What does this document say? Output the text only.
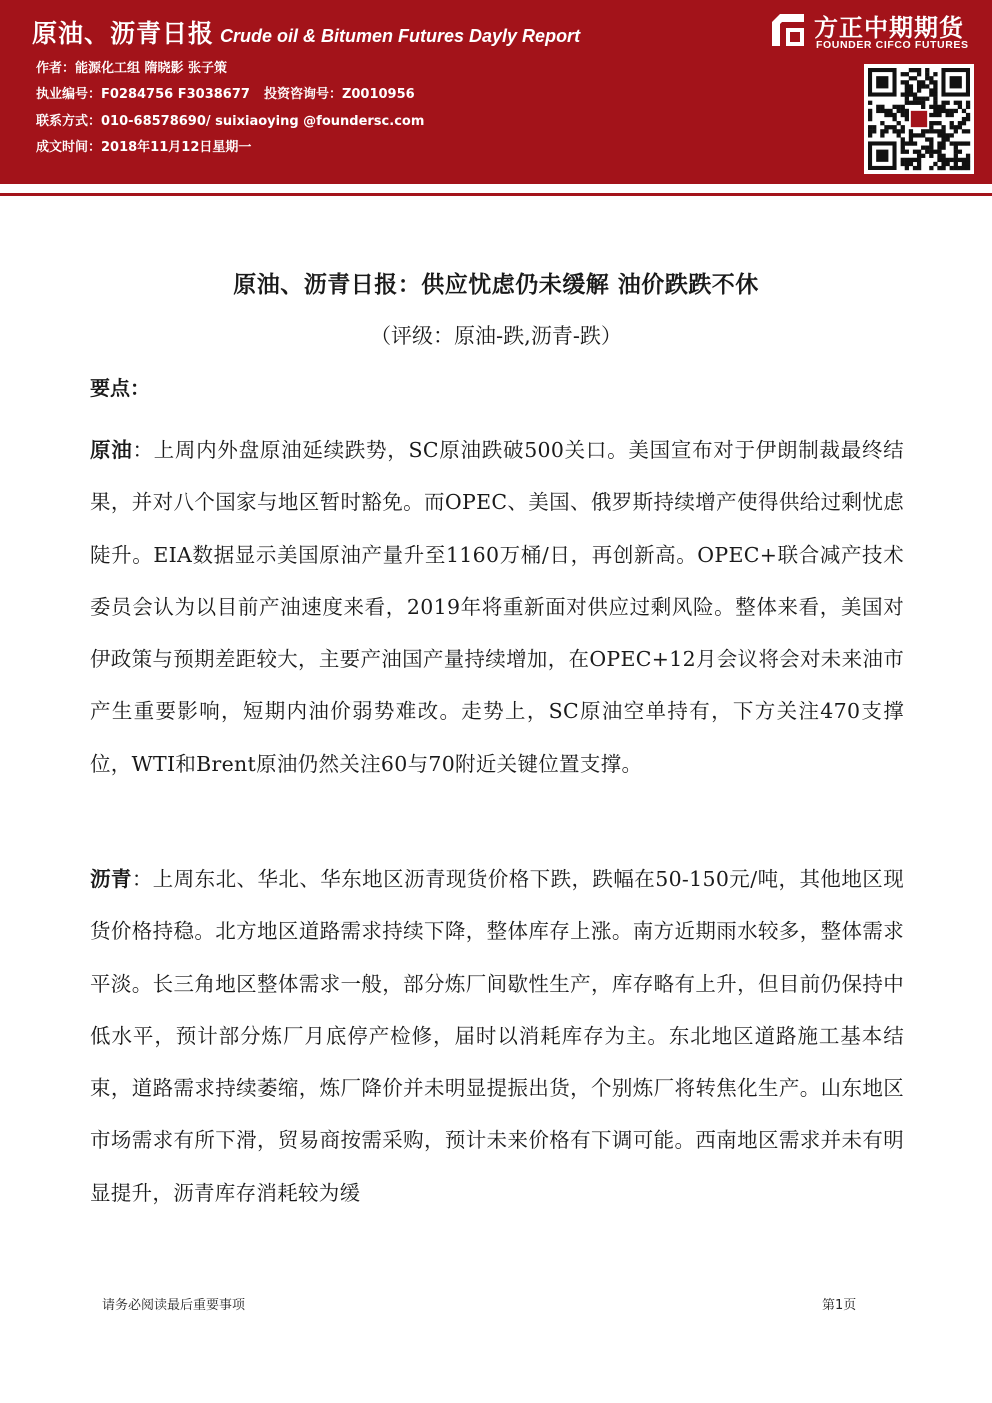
原油、沥青日报 Crude oil & Bitumen Futures Dayly Report
作者：能源化工组 隋晓影 张子策
执业编号：F0284756 F3038677 投资咨询号：Z0010956
联系方式：010-68578690/ suixiaoying @foundersc.com
成文时间：2018年11月12日星期一
方正中期期货
FOUNDER CIFCO FUTURES
原油、沥青日报：供应忧虑仍未缓解 油价跌跌不休
（评级：原油-跌,沥青-跌）
要点：
原油：上周内外盘原油延续跌势，SC原油跌破500关口。美国宣布对于伊朗制裁最终结果，并对八个国家与地区暂时豁免。而OPEC、美国、俄罗斯持续增产使得供给过剩忧虑陡升。EIA数据显示美国原油产量升至1160万桶/日，再创新高。OPEC+联合减产技术委员会认为以目前产油速度来看，2019年将重新面对供应过剩风险。整体来看，美国对伊政策与预期差距较大，主要产油国产量持续增加，在OPEC+12月会议将会对未来油市产生重要影响，短期内油价弱势难改。走势上，SC原油空单持有，下方关注470支撑位，WTI和Brent原油仍然关注60与70附近关键位置支撑。
沥青：上周东北、华北、华东地区沥青现货价格下跌，跌幅在50-150元/吨，其他地区现货价格持稳。北方地区道路需求持续下降，整体库存上涨。南方近期雨水较多，整体需求平淡。长三角地区整体需求一般，部分炼厂间歇性生产，库存略有上升，但目前仍保持中低水平，预计部分炼厂月底停产检修，届时以消耗库存为主。东北地区道路施工基本结束，道路需求持续萎缩，炼厂降价并未明显提振出货，个别炼厂将转焦化生产。山东地区市场需求有所下滑，贸易商按需采购，预计未来价格有下调可能。西南地区需求并未有明显提升，沥青库存消耗较为缓
请务必阅读最后重要事项	第1页
